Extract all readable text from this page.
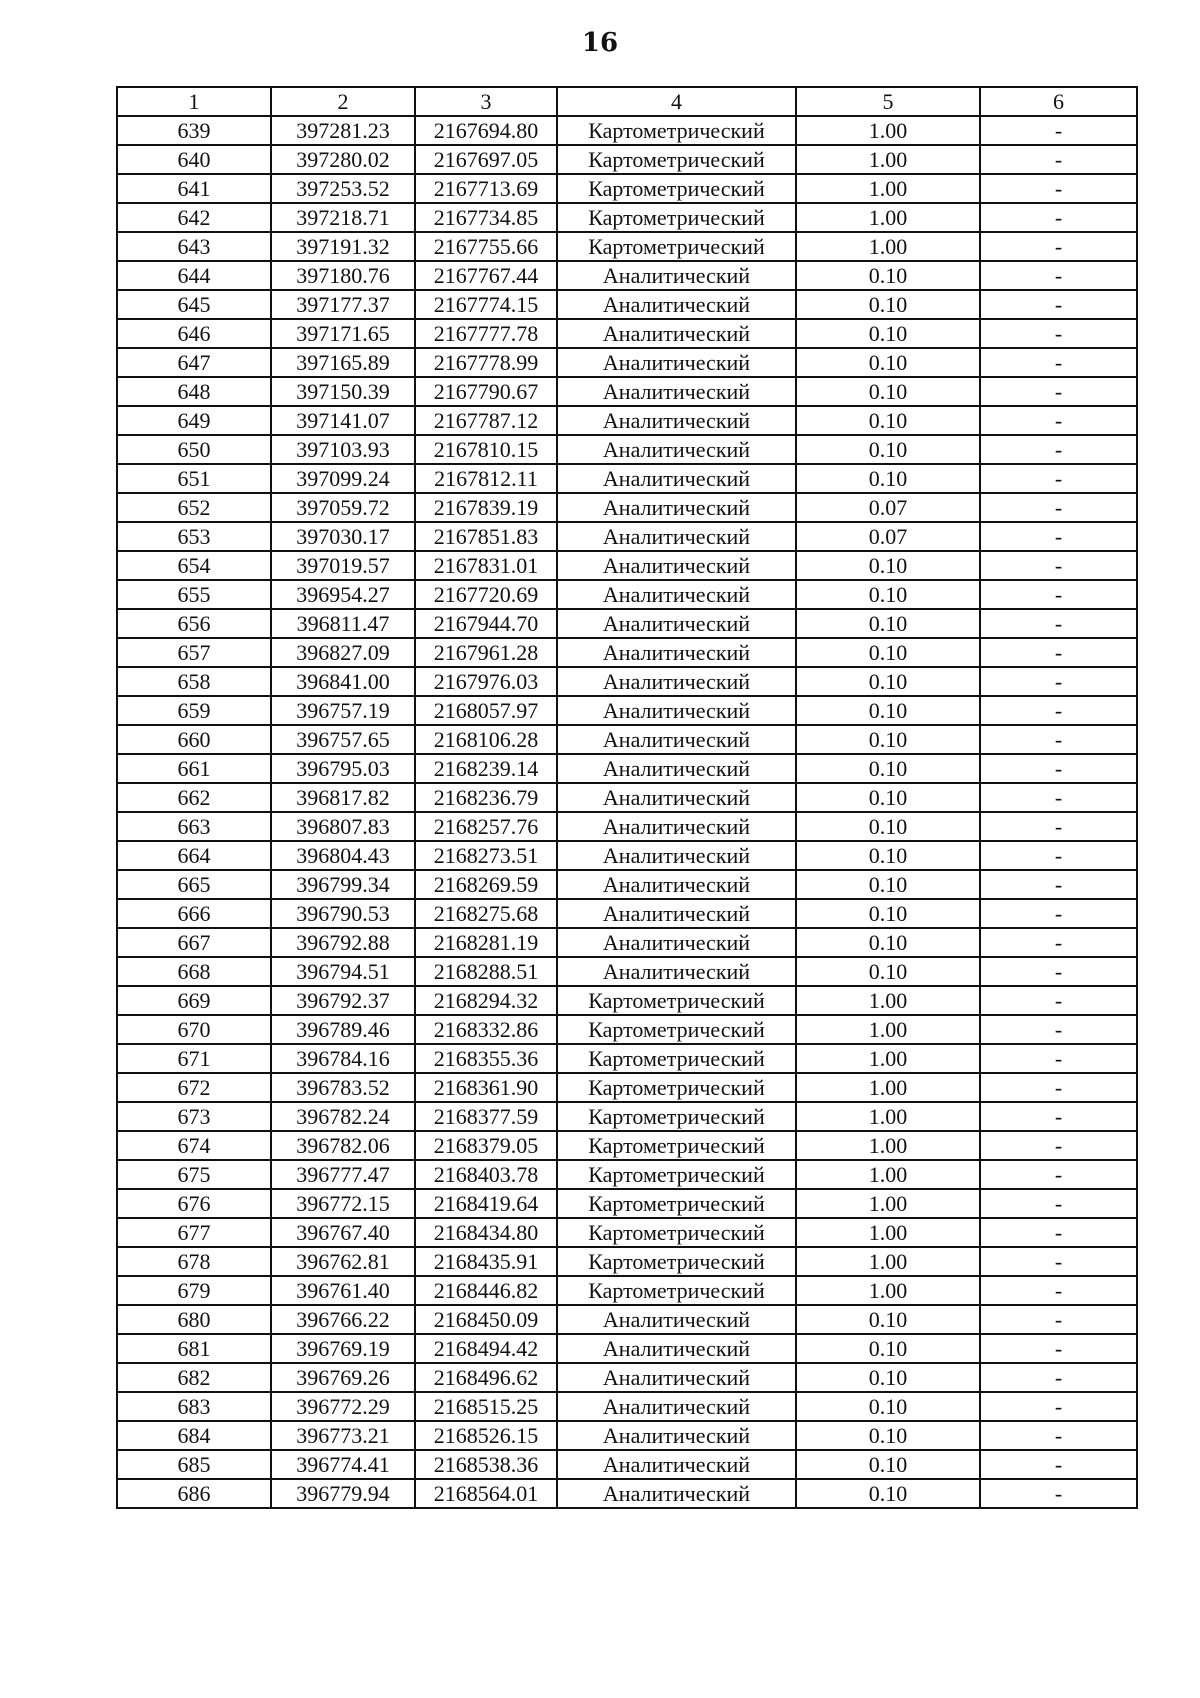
16
1	2	3	4	5	6
639	397281.23	2167694.80	Картометрический	1.00	-
640	397280.02	2167697.05	Картометрический	1.00	-
641	397253.52	2167713.69	Картометрический	1.00	-
642	397218.71	2167734.85	Картометрический	1.00	-
643	397191.32	2167755.66	Картометрический	1.00	-
644	397180.76	2167767.44	Аналитический	0.10	-
645	397177.37	2167774.15	Аналитический	0.10	-
646	397171.65	2167777.78	Аналитический	0.10	-
647	397165.89	2167778.99	Аналитический	0.10	-
648	397150.39	2167790.67	Аналитический	0.10	-
649	397141.07	2167787.12	Аналитический	0.10	-
650	397103.93	2167810.15	Аналитический	0.10	-
651	397099.24	2167812.11	Аналитический	0.10	-
652	397059.72	2167839.19	Аналитический	0.07	-
653	397030.17	2167851.83	Аналитический	0.07	-
654	397019.57	2167831.01	Аналитический	0.10	-
655	396954.27	2167720.69	Аналитический	0.10	-
656	396811.47	2167944.70	Аналитический	0.10	-
657	396827.09	2167961.28	Аналитический	0.10	-
658	396841.00	2167976.03	Аналитический	0.10	-
659	396757.19	2168057.97	Аналитический	0.10	-
660	396757.65	2168106.28	Аналитический	0.10	-
661	396795.03	2168239.14	Аналитический	0.10	-
662	396817.82	2168236.79	Аналитический	0.10	-
663	396807.83	2168257.76	Аналитический	0.10	-
664	396804.43	2168273.51	Аналитический	0.10	-
665	396799.34	2168269.59	Аналитический	0.10	-
666	396790.53	2168275.68	Аналитический	0.10	-
667	396792.88	2168281.19	Аналитический	0.10	-
668	396794.51	2168288.51	Аналитический	0.10	-
669	396792.37	2168294.32	Картометрический	1.00	-
670	396789.46	2168332.86	Картометрический	1.00	-
671	396784.16	2168355.36	Картометрический	1.00	-
672	396783.52	2168361.90	Картометрический	1.00	-
673	396782.24	2168377.59	Картометрический	1.00	-
674	396782.06	2168379.05	Картометрический	1.00	-
675	396777.47	2168403.78	Картометрический	1.00	-
676	396772.15	2168419.64	Картометрический	1.00	-
677	396767.40	2168434.80	Картометрический	1.00	-
678	396762.81	2168435.91	Картометрический	1.00	-
679	396761.40	2168446.82	Картометрический	1.00	-
680	396766.22	2168450.09	Аналитический	0.10	-
681	396769.19	2168494.42	Аналитический	0.10	-
682	396769.26	2168496.62	Аналитический	0.10	-
683	396772.29	2168515.25	Аналитический	0.10	-
684	396773.21	2168526.15	Аналитический	0.10	-
685	396774.41	2168538.36	Аналитический	0.10	-
686	396779.94	2168564.01	Аналитический	0.10	-
